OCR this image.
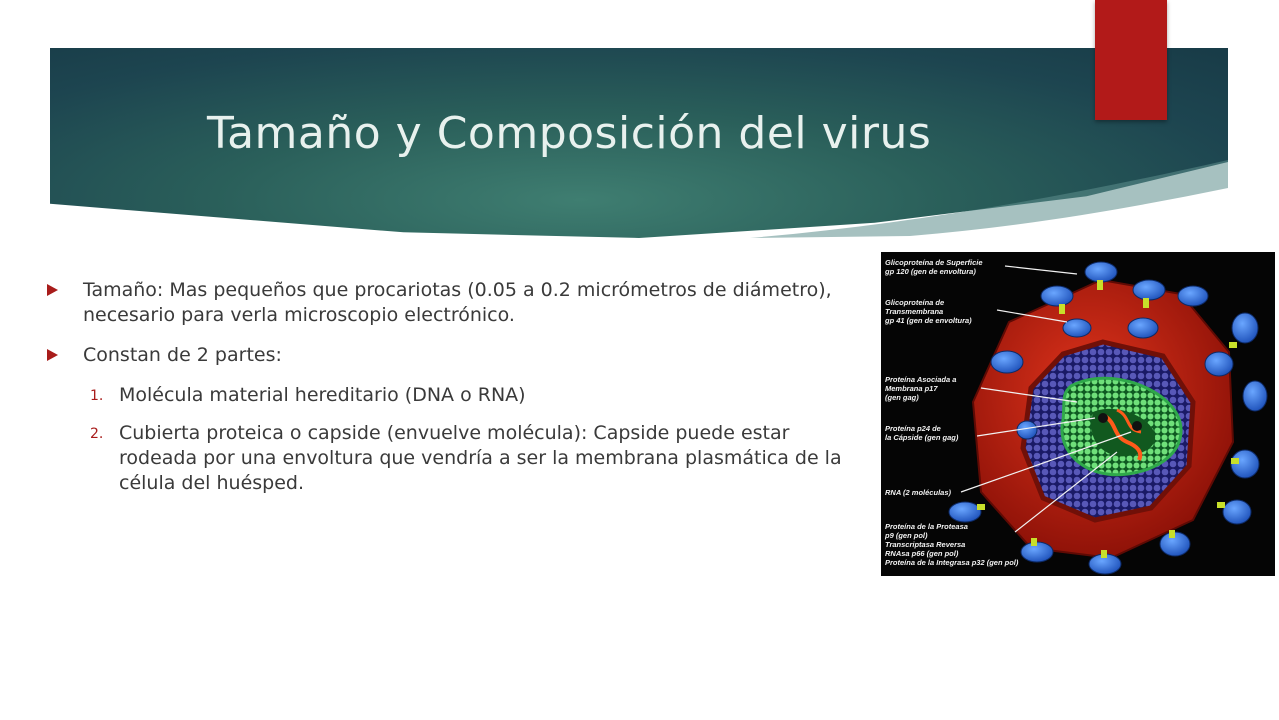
Tamaño y Composición del virus
Tamaño: Mas pequeños que procariotas (0.05 a 0.2 micrómetros de diámetro), necesario para verla microscopio electrónico.
Constan de 2 partes:
1. Molécula material hereditario (DNA o RNA)
2. Cubierta proteica o capside (envuelve molécula): Capside puede estar rodeada por una envoltura que vendría a ser la membrana plasmática de la célula del huésped.
Glicoproteína de Superficie
gp 120 (gen de envoltura)
Glicoproteína de
Transmembrana
gp 41 (gen de envoltura)
Proteína Asociada a
Membrana p17
(gen gag)
Proteína p24 de
la Cápside (gen gag)
RNA (2 moléculas)
Proteína de la Proteasa
p9 (gen pol)
Transcriptasa Reversa
RNAsa p66 (gen pol)
Proteína de la Integrasa p32 (gen pol)
